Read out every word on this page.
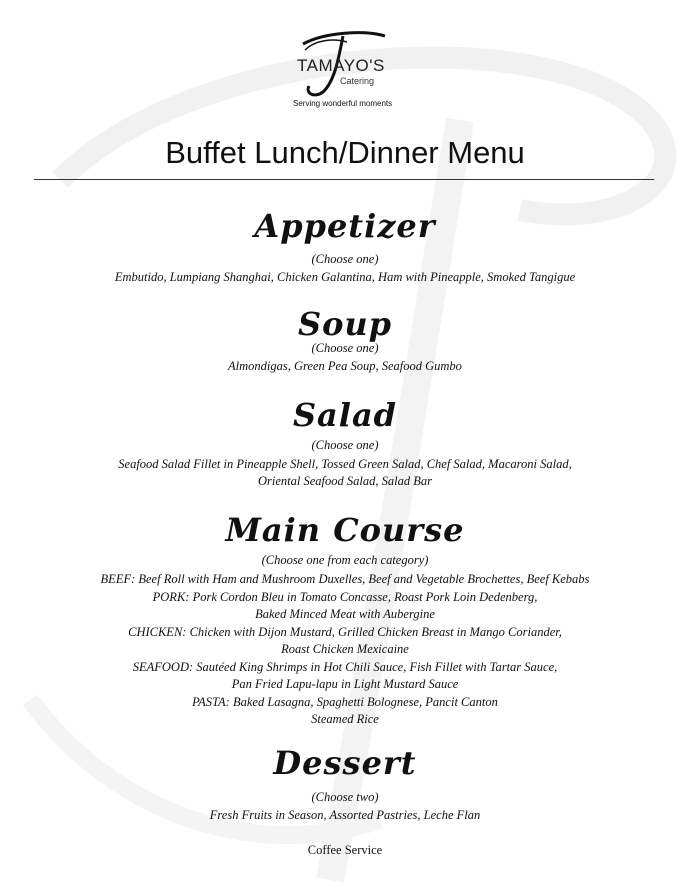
TAMAYO'S
Catering
Serving wonderful moments
Buffet Lunch/Dinner Menu
Appetizer
(Choose one)
Embutido, Lumpiang Shanghai, Chicken Galantina, Ham with Pineapple, Smoked Tangigue
Soup
(Choose one)
Almondigas, Green Pea Soup, Seafood Gumbo
Salad
(Choose one)
Seafood Salad Fillet in Pineapple Shell, Tossed Green Salad, Chef Salad, Macaroni Salad,
Oriental Seafood Salad, Salad Bar
Main Course
(Choose one from each category)
BEEF: Beef Roll with Ham and Mushroom Duxelles, Beef and Vegetable Brochettes, Beef Kebabs
PORK: Pork Cordon Bleu in Tomato Concasse, Roast Pork Loin Dedenberg,
Baked Minced Meat with Aubergine
CHICKEN: Chicken with Dijon Mustard, Grilled Chicken Breast in Mango Coriander,
Roast Chicken Mexicaine
SEAFOOD: Sautéed King Shrimps in Hot Chili Sauce, Fish Fillet with Tartar Sauce,
Pan Fried Lapu-lapu in Light Mustard Sauce
PASTA: Baked Lasagna, Spaghetti Bolognese, Pancit Canton
Steamed Rice
Dessert
(Choose two)
Fresh Fruits in Season, Assorted Pastries, Leche Flan
Coffee Service
